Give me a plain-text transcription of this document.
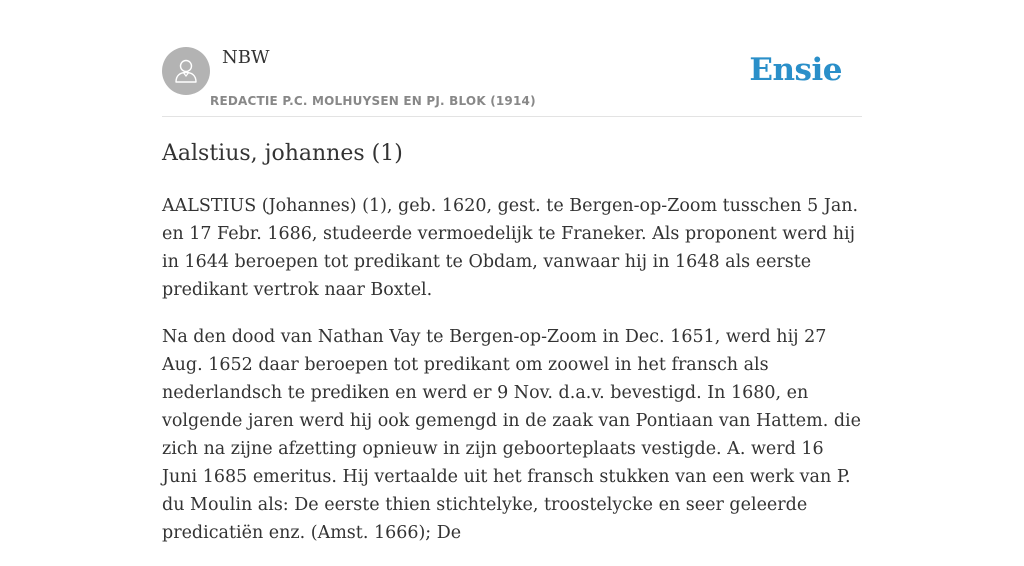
NBW
REDACTIE P.C. MOLHUYSEN EN PJ. BLOK (1914)
Ensie
Aalstius, johannes (1)

AALSTIUS (Johannes) (1), geb. 1620, gest. te Bergen-op-Zoom tusschen 5 Jan. en 17 Febr. 1686, studeerde vermoedelijk te Franeker. Als proponent werd hij in 1644 beroepen tot predikant te Obdam, vanwaar hij in 1648 als eerste predikant vertrok naar Boxtel.

Na den dood van Nathan Vay te Bergen-op-Zoom in Dec. 1651, werd hij 27 Aug. 1652 daar beroepen tot predikant om zoowel in het fransch als nederlandsch te prediken en werd er 9 Nov. d.a.v. bevestigd. In 1680, en volgende jaren werd hij ook gemengd in de zaak van Pontiaan van Hattem. die zich na zijne afzetting opnieuw in zijn geboorteplaats vestigde. A. werd 16 Juni 1685 emeritus. Hij vertaalde uit het fransch stukken van een werk van P. du Moulin als: De eerste thien stichtelyke, troostelycke en seer geleerde predicatiën enz. (Amst. 1666); De
